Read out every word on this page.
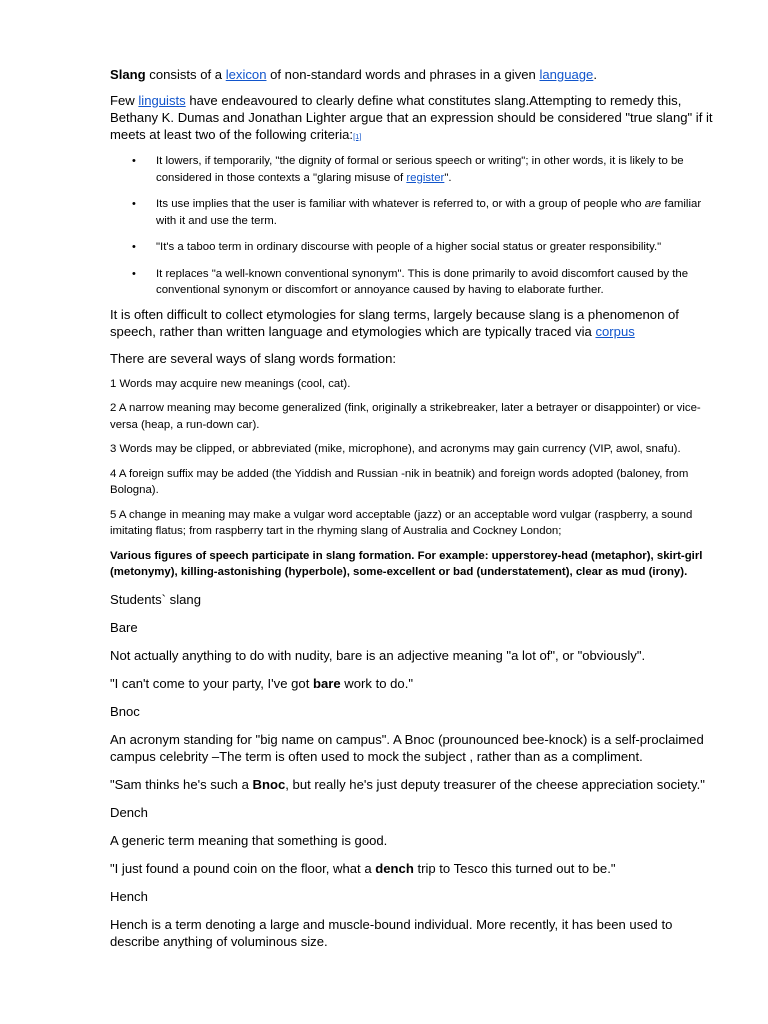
Slang consists of a lexicon of non-standard words and phrases in a given language.

Few linguists have endeavoured to clearly define what constitutes slang.Attempting to remedy this, Bethany K. Dumas and Jonathan Lighter argue that an expression should be considered "true slang" if it meets at least two of the following criteria:[1]

• It lowers, if temporarily, "the dignity of formal or serious speech or writing"; in other words, it is likely to be considered in those contexts a "glaring misuse of register".
• Its use implies that the user is familiar with whatever is referred to, or with a group of people who are familiar with it and use the term.
• "It's a taboo term in ordinary discourse with people of a higher social status or greater responsibility."
• It replaces "a well-known conventional synonym". This is done primarily to avoid discomfort caused by the conventional synonym or discomfort or annoyance caused by having to elaborate further.

It is often difficult to collect etymologies for slang terms, largely because slang is a phenomenon of speech, rather than written language and etymologies which are typically traced via corpus

There are several ways of slang words formation:

1 Words may acquire new meanings (cool, cat).

2 A narrow meaning may become generalized (fink, originally a strikebreaker, later a betrayer or disappointer) or vice-versa (heap, a run-down car).

3 Words may be clipped, or abbreviated (mike, microphone), and acronyms may gain currency (VIP, awol, snafu).

4 A foreign suffix may be added (the Yiddish and Russian -nik in beatnik) and foreign words adopted (baloney, from Bologna).

5 A change in meaning may make a vulgar word acceptable (jazz) or an acceptable word vulgar (raspberry, a sound imitating flatus; from raspberry tart in the rhyming slang of Australia and Cockney London;

Various figures of speech participate in slang formation. For example: upperstorey-head (metaphor), skirt-girl (metonymy), killing-astonishing (hyperbole), some-excellent or bad (understatement), clear as mud (irony).

Students` slang

Bare

Not actually anything to do with nudity, bare is an adjective meaning "a lot of", or "obviously".

"I can't come to your party, I've got bare work to do."

Bnoc

An acronym standing for "big name on campus". A Bnoc (prounounced bee-knock) is a self-proclaimed campus celebrity –The term is often used to mock the subject , rather than as a compliment.

"Sam thinks he's such a Bnoc, but really he's just deputy treasurer of the cheese appreciation society."

Dench

A generic term meaning that something is good.

"I just found a pound coin on the floor, what a dench trip to Tesco this turned out to be."

Hench

Hench is a term denoting a large and muscle-bound individual. More recently, it has been used to describe anything of voluminous size.
